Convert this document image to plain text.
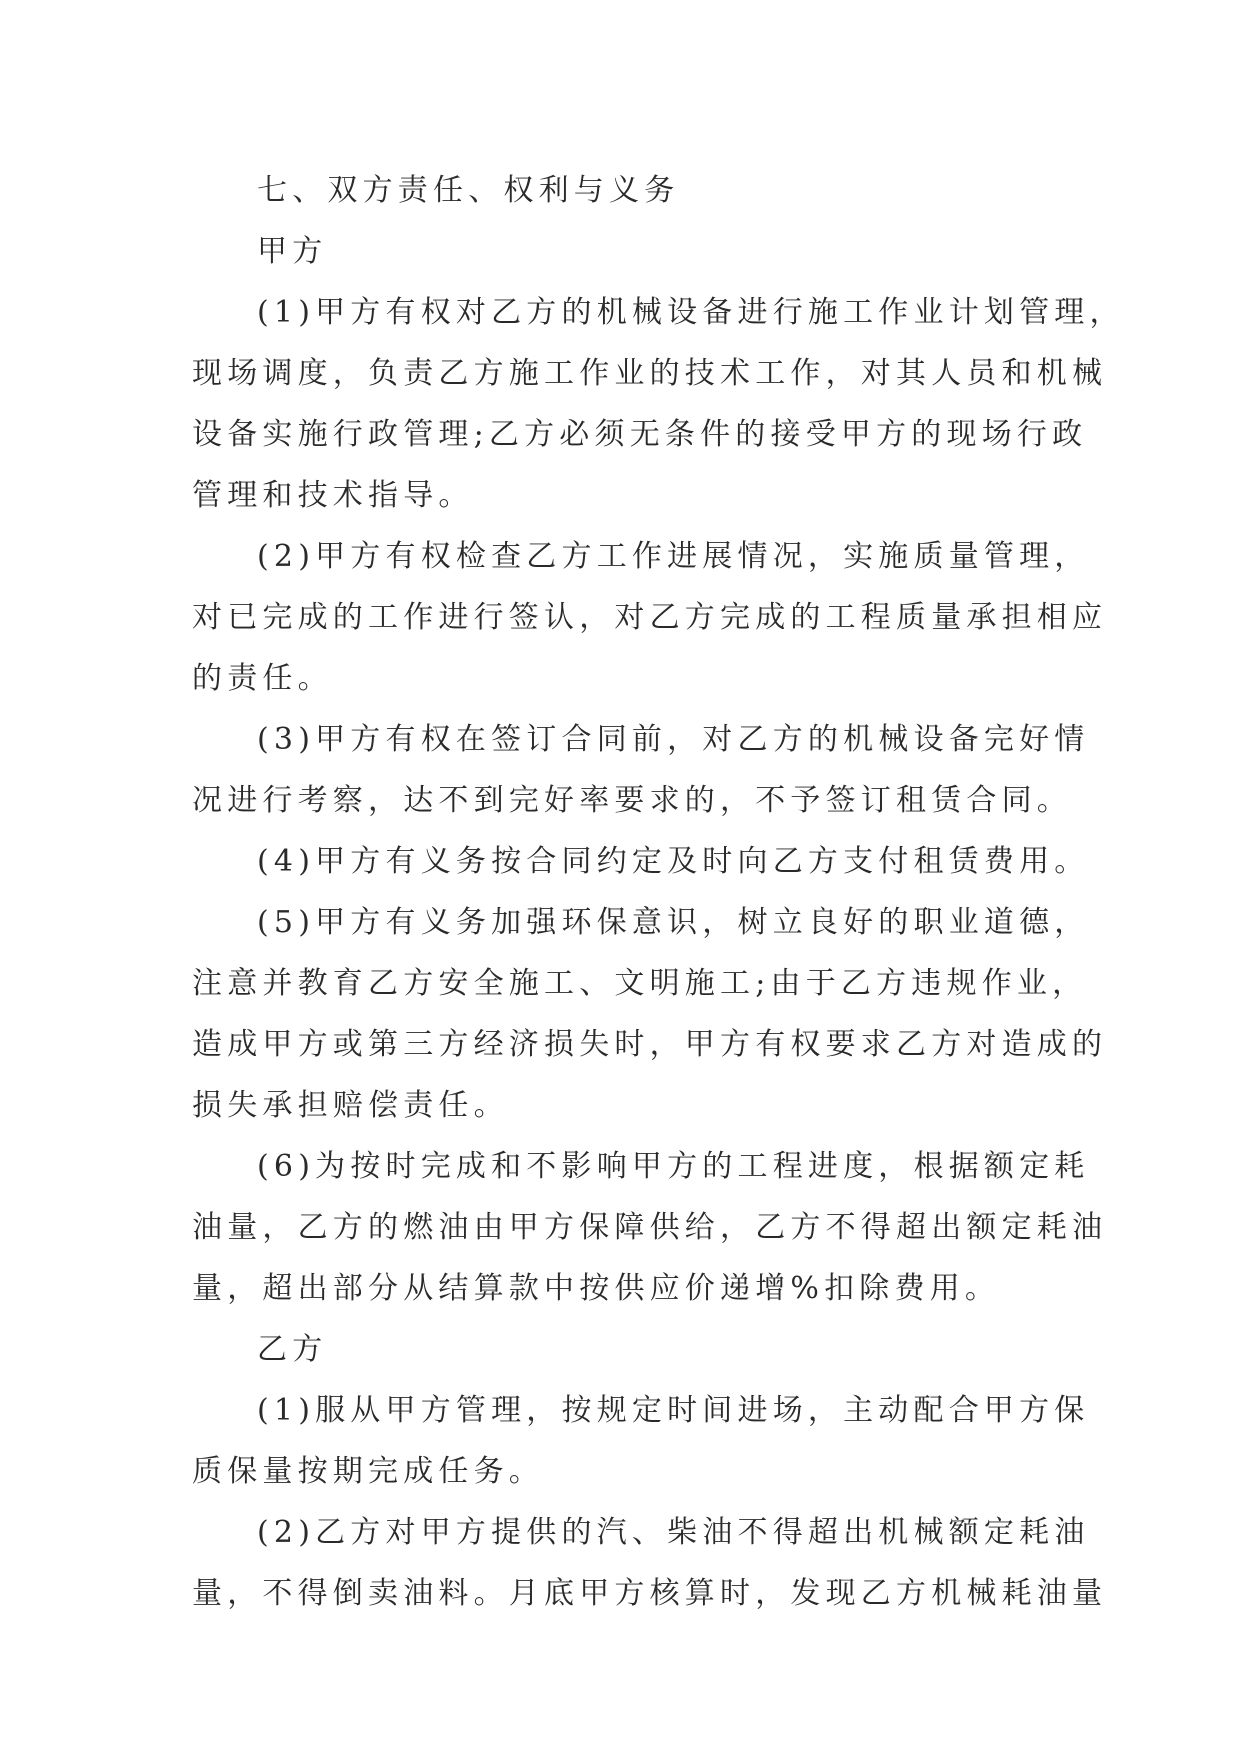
七、双方责任、权利与义务

甲方

(1)甲方有权对乙方的机械设备进行施工作业计划管理，
现场调度，负责乙方施工作业的技术工作，对其人员和机械
设备实施行政管理;乙方必须无条件的接受甲方的现场行政
管理和技术指导。

(2)甲方有权检查乙方工作进展情况，实施质量管理，
对已完成的工作进行签认，对乙方完成的工程质量承担相应
的责任。

(3)甲方有权在签订合同前，对乙方的机械设备完好情
况进行考察，达不到完好率要求的，不予签订租赁合同。

(4)甲方有义务按合同约定及时向乙方支付租赁费用。

(5)甲方有义务加强环保意识，树立良好的职业道德，
注意并教育乙方安全施工、文明施工;由于乙方违规作业，
造成甲方或第三方经济损失时，甲方有权要求乙方对造成的
损失承担赔偿责任。

(6)为按时完成和不影响甲方的工程进度，根据额定耗
油量，乙方的燃油由甲方保障供给，乙方不得超出额定耗油
量，超出部分从结算款中按供应价递增%扣除费用。

乙方

(1)服从甲方管理，按规定时间进场，主动配合甲方保
质保量按期完成任务。

(2)乙方对甲方提供的汽、柴油不得超出机械额定耗油
量，不得倒卖油料。月底甲方核算时，发现乙方机械耗油量
